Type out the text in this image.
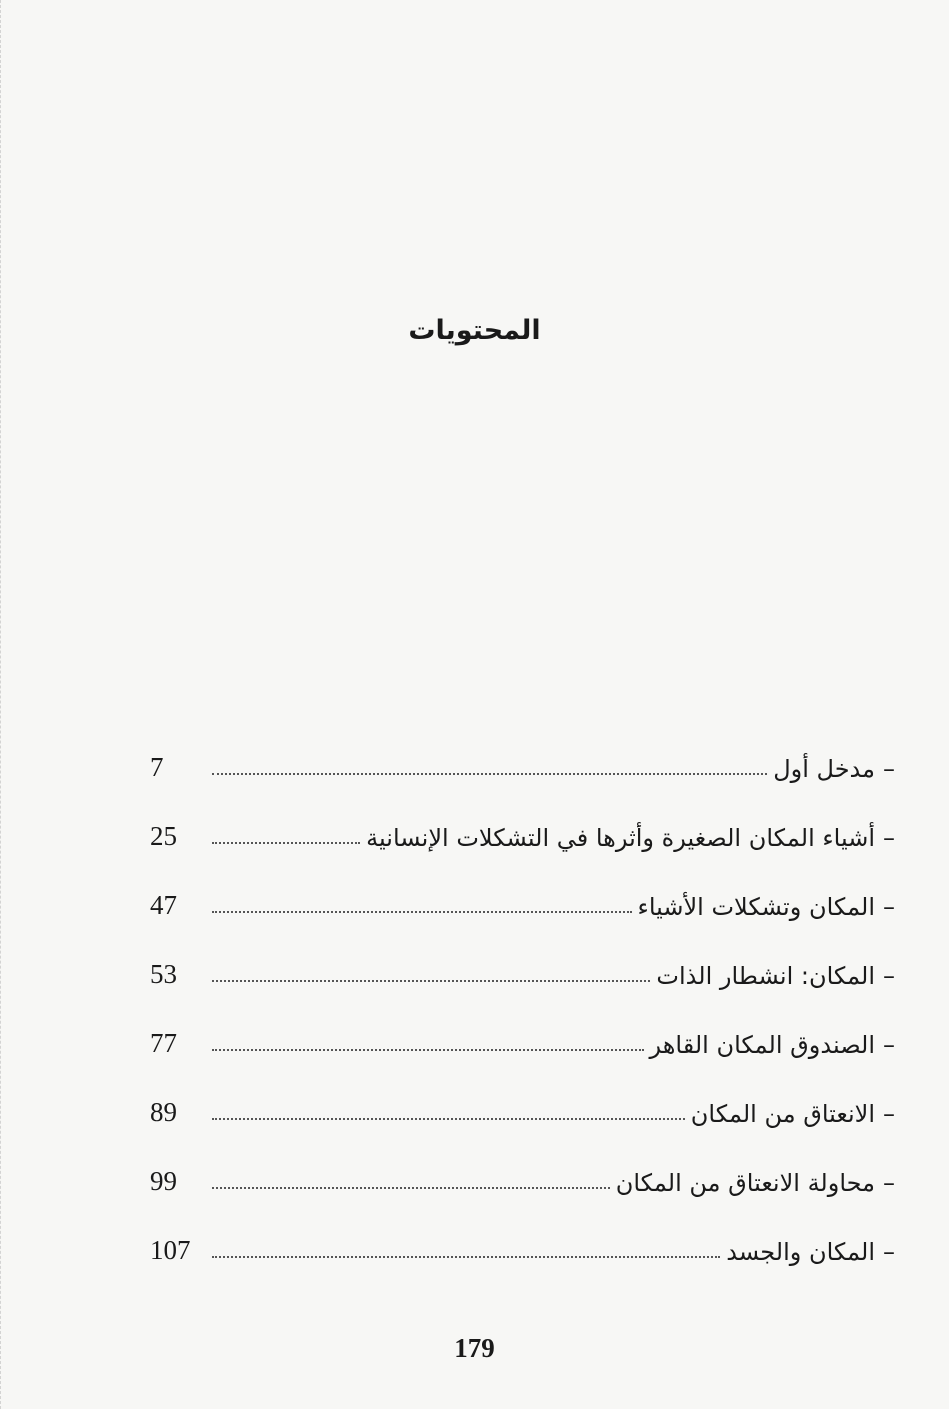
المحتويات
7	–مدخل أول
25	–أشياء المكان الصغيرة وأثرها في التشكلات الإنسانية
47	–المكان وتشكلات الأشياء
53	–المكان: انشطار الذات
77	–الصندوق المكان القاهر
89	–الانعتاق من المكان
99	–محاولة الانعتاق من المكان
107	–المكان والجسد
179
